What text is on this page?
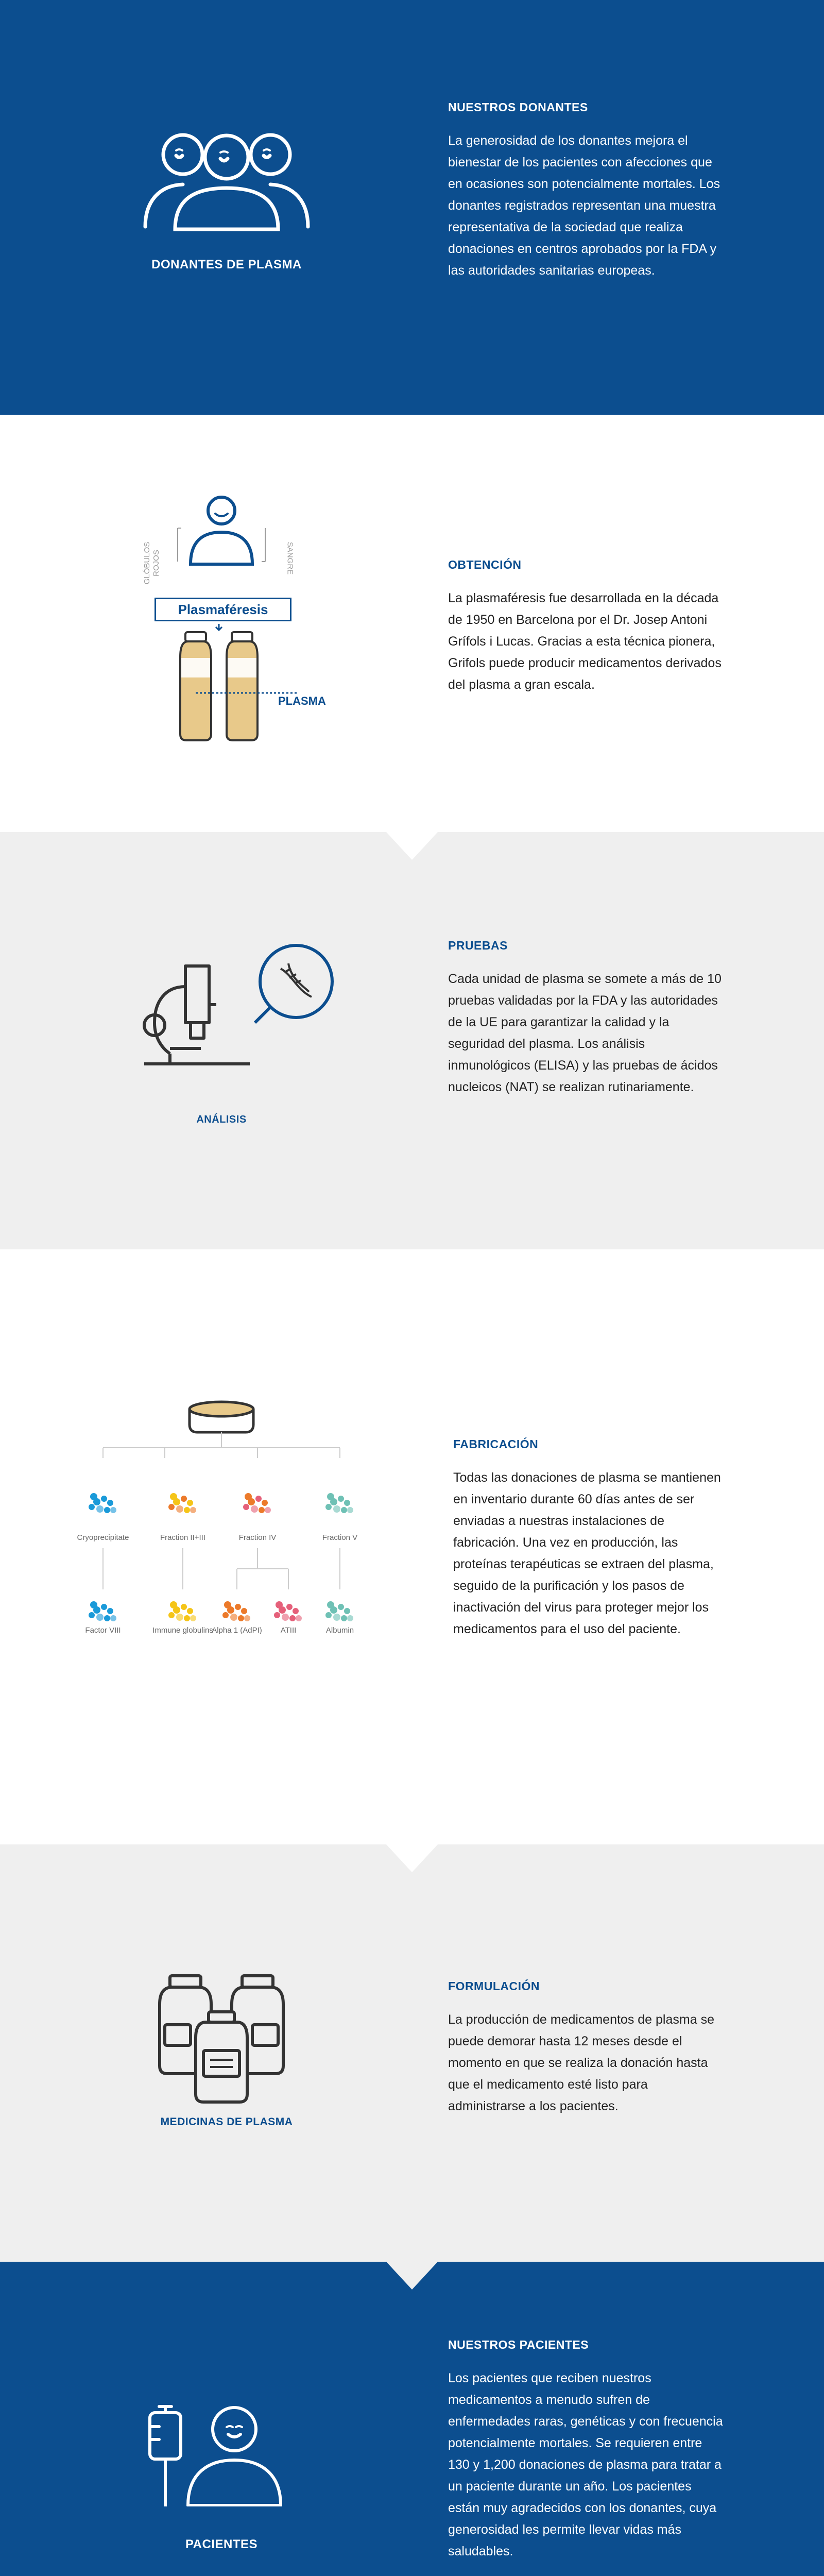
DONANTES DE PLASMA
NUESTROS DONANTES

La generosidad de los donantes mejora el bienestar de los pacientes con afecciones que en ocasiones son potencialmente mortales. Los donantes registrados representan una muestra representativa de la sociedad que realiza donaciones en centros aprobados por la FDA y las autoridades sanitarias europeas.

GLÓBULOS ROJOS	SANGRE
Plasmaféresis
PLASMA
OBTENCIÓN

La plasmaféresis fue desarrollada en la década de 1950 en Barcelona por el Dr. Josep Antoni Grífols i Lucas. Gracias a esta técnica pionera, Grifols puede producir medicamentos derivados del plasma a gran escala.

ANÁLISIS
PRUEBAS

Cada unidad de plasma se somete a más de 10 pruebas validadas por la FDA y las autoridades de la UE para garantizar la calidad y la seguridad del plasma. Los análisis inmunológicos (ELISA) y las pruebas de ácidos nucleicos (NAT) se realizan rutinariamente.

FABRICACIÓN

Todas las donaciones de plasma se mantienen en inventario durante 60 días antes de ser enviadas a nuestras instalaciones de fabricación. Una vez en producción, las proteínas terapéuticas se extraen del plasma, seguido de la purificación y los pasos de inactivación del virus para proteger mejor los medicamentos para el uso del paciente.

Cryoprecipitate	Fraction II+III	Fraction IV	Fraction V
Factor VIII	Immune globulins
Alpha 1 (AdPI)	ATIII	Albumin
MEDICINAS DE PLASMA
FORMULACIÓN

La producción de medicamentos de plasma se puede demorar hasta 12 meses desde el momento en que se realiza la donación hasta que el medicamento esté listo para administrarse a los pacientes.

PACIENTES
NUESTROS PACIENTES

Los pacientes que reciben nuestros medicamentos a menudo sufren de enfermedades raras, genéticas y con frecuencia potencialmente mortales. Se requieren entre 130 y 1,200 donaciones de plasma para tratar a un paciente durante un año. Los pacientes están muy agradecidos con los donantes, cuya generosidad les permite llevar vidas más saludables.
